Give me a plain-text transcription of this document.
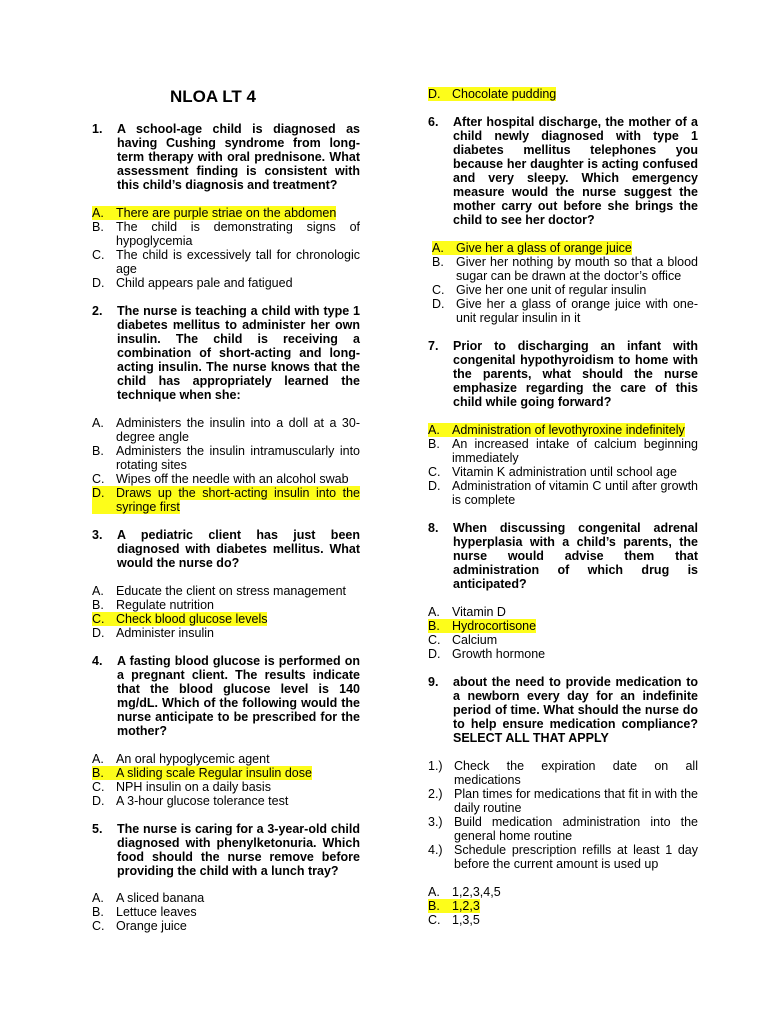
NLOA LT 4
1.	A school-age child is diagnosed as having Cushing syndrome from long-term therapy with oral prednisone. What assessment finding is consistent with this child’s diagnosis and treatment?
A. There are purple striae on the abdomen
B. The child is demonstrating signs of hypoglycemia
C. The child is excessively tall for chronologic age
D. Child appears pale and fatigued
2.	The nurse is teaching a child with type 1 diabetes mellitus to administer her own insulin. The child is receiving a combination of short-acting and long-acting insulin. The nurse knows that the child has appropriately learned the technique when she:
A. Administers the insulin into a doll at a 30-degree angle
B. Administers the insulin intramuscularly into rotating sites
C. Wipes off the needle with an alcohol swab
D. Draws up the short-acting insulin into the syringe first
3.	A pediatric client has just been diagnosed with diabetes mellitus. What would the nurse do?
A. Educate the client on stress management
B. Regulate nutrition
C. Check blood glucose levels
D. Administer insulin
4.	A fasting blood glucose is performed on a pregnant client. The results indicate that the blood glucose level is 140 mg/dL. Which of the following would the nurse anticipate to be prescribed for the mother?
A. An oral hypoglycemic agent
B. A sliding scale Regular insulin dose
C. NPH insulin on a daily basis
D. A 3-hour glucose tolerance test
5.	The nurse is caring for a 3-year-old child diagnosed with phenylketonuria. Which food should the nurse remove before providing the child with a lunch tray?
A. A sliced banana
B. Lettuce leaves
C. Orange juice
D. Chocolate pudding
6.	After hospital discharge, the mother of a child newly diagnosed with type 1 diabetes mellitus telephones you because her daughter is acting confused and very sleepy. Which emergency measure would the nurse suggest the mother carry out before she brings the child to see her doctor?
A. Give her a glass of orange juice
B. Giver her nothing by mouth so that a blood sugar can be drawn at the doctor’s office
C. Give her one unit of regular insulin
D. Give her a glass of orange juice with one-unit regular insulin in it
7.	Prior to discharging an infant with congenital hypothyroidism to home with the parents, what should the nurse emphasize regarding the care of this child while going forward?
A. Administration of levothyroxine indefinitely
B. An increased intake of calcium beginning immediately
C. Vitamin K administration until school age
D. Administration of vitamin C until after growth is complete
8.	When discussing congenital adrenal hyperplasia with a child’s parents, the nurse would advise them that administration of which drug is anticipated?
A. Vitamin D
B. Hydrocortisone
C. Calcium
D. Growth hormone
9.	about the need to provide medication to a newborn every day for an indefinite period of time. What should the nurse do to help ensure medication compliance? SELECT ALL THAT APPLY
1.) Check the expiration date on all medications
2.) Plan times for medications that fit in with the daily routine
3.) Build medication administration into the general home routine
4.) Schedule prescription refills at least 1 day before the current amount is used up
A. 1,2,3,4,5
B. 1,2,3
C. 1,3,5
